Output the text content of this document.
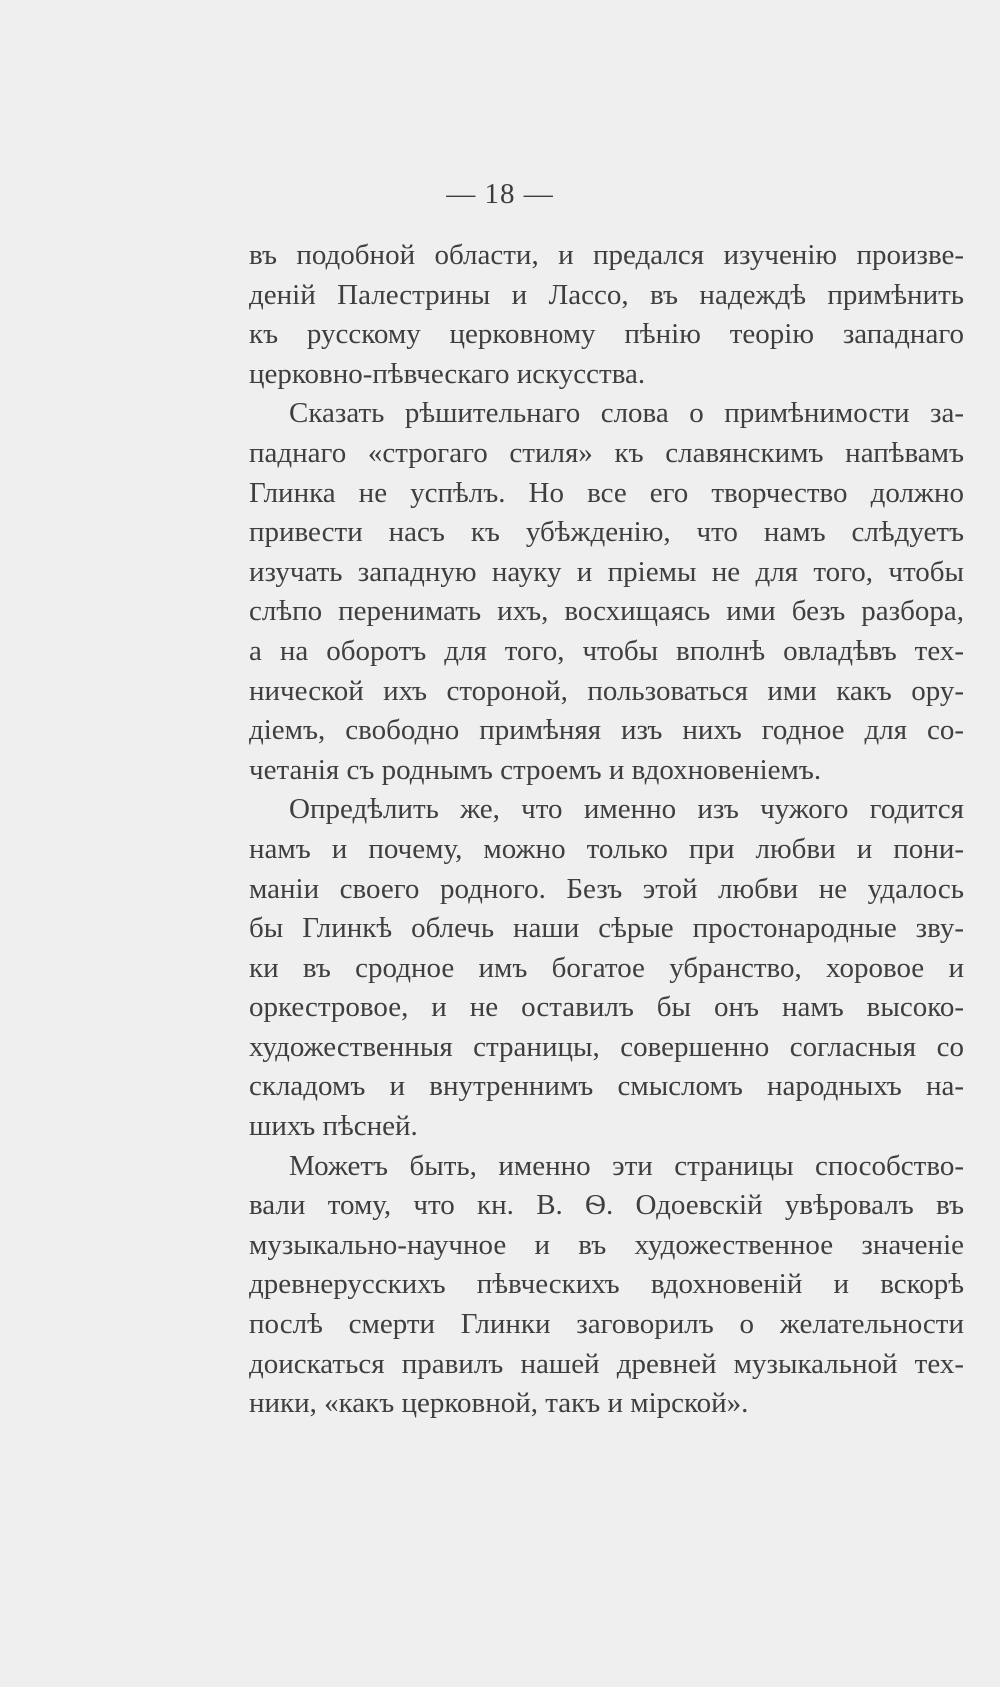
— 18 —
въ подобной области, и предался изученію произве-
деній Палестрины и Лассо, въ надеждѣ примѣнить
къ русскому церковному пѣнію теорію западнаго
церковно-пѣвческаго искусства.
Сказать рѣшительнаго слова о примѣнимости за-
паднаго «строгаго стиля» къ славянскимъ напѣвамъ
Глинка не успѣлъ. Но все его творчество должно
привести насъ къ убѣжденію, что намъ слѣдуетъ
изучать западную науку и пріемы не для того, чтобы
слѣпо перенимать ихъ, восхищаясь ими безъ разбора,
а на оборотъ для того, чтобы вполнѣ овладѣвъ тех-
нической ихъ стороной, пользоваться ими какъ ору-
діемъ, свободно примѣняя изъ нихъ годное для со-
четанія съ роднымъ строемъ и вдохновеніемъ.
Опредѣлить же, что именно изъ чужого годится
намъ и почему, можно только при любви и пони-
маніи своего родного. Безъ этой любви не удалось
бы Глинкѣ облечь наши сѣрые простонародные зву-
ки въ сродное имъ богатое убранство, хоровое и
оркестровое, и не оставилъ бы онъ намъ высоко-
художественныя страницы, совершенно согласныя со
складомъ и внутреннимъ смысломъ народныхъ на-
шихъ пѣсней.
Можетъ быть, именно эти страницы способство-
вали тому, что кн. В. Ѳ. Одоевскій увѣровалъ въ
музыкально-научное и въ художественное значеніе
древнерусскихъ пѣвческихъ вдохновеній и вскорѣ
послѣ смерти Глинки заговорилъ о желательности
доискаться правилъ нашей древней музыкальной тех-
ники, «какъ церковной, такъ и мірской».
